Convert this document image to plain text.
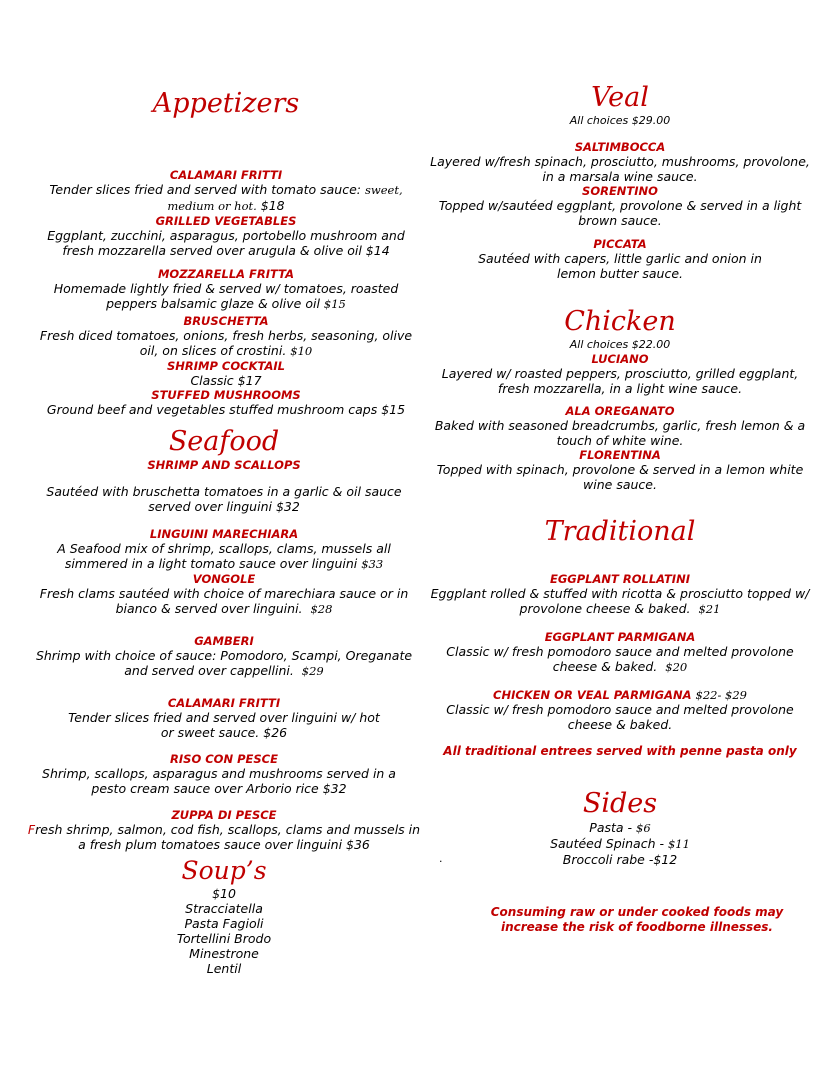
Appetizers
CALAMARI FRITTI
Tender slices fried and served with tomato sauce: sweet, medium or hot. $18
GRILLED VEGETABLES
Eggplant, zucchini, asparagus, portobello mushroom and fresh mozzarella served over arugula & olive oil $14
MOZZARELLA FRITTA
Homemade lightly fried & served w/ tomatoes, roasted peppers balsamic glaze & olive oil $15
BRUSCHETTA
Fresh diced tomatoes, onions, fresh herbs, seasoning, olive oil, on slices of crostini. $10
SHRIMP COCKTAIL
Classic $17
STUFFED MUSHROOMS
Ground beef and vegetables stuffed mushroom caps $15
Seafood
SHRIMP AND SCALLOPS
Sautéed with bruschetta tomatoes in a garlic & oil sauce served over linguini $32
LINGUINI MARECHIARA
A Seafood mix of shrimp, scallops, clams, mussels all simmered in a light tomato sauce over linguini $33
VONGOLE
Fresh clams sautéed with choice of marechiara sauce or in bianco & served over linguini. $28
GAMBERI
Shrimp with choice of sauce: Pomodoro, Scampi, Oreganate and served over cappellini. $29
CALAMARI FRITTI
Tender slices fried and served over linguini w/ hot or sweet sauce. $26
RISO CON PESCE
Shrimp, scallops, asparagus and mushrooms served in a pesto cream sauce over Arborio rice $32
ZUPPA DI PESCE
Fresh shrimp, salmon, cod fish, scallops, clams and mussels in a fresh plum tomatoes sauce over linguini $36
Soup’s
$10
Stracciatella
Pasta Fagioli
Tortellini Brodo
Minestrone
Lentil
Veal
All choices $29.00
SALTIMBOCCA
Layered w/fresh spinach, prosciutto, mushrooms, provolone, in a marsala wine sauce.
SORENTINO
Topped w/sautéed eggplant, provolone & served in a light brown sauce.
PICCATA
Sautéed with capers, little garlic and onion in lemon butter sauce.
Chicken
All choices $22.00
LUCIANO
Layered w/ roasted peppers, prosciutto, grilled eggplant, fresh mozzarella, in a light wine sauce.
ALA OREGANATO
Baked with seasoned breadcrumbs, garlic, fresh lemon & a touch of white wine.
FLORENTINA
Topped with spinach, provolone & served in a lemon white wine sauce.
Traditional
EGGPLANT ROLLATINI
Eggplant rolled & stuffed with ricotta & prosciutto topped w/ provolone cheese & baked. $21
EGGPLANT PARMIGANA
Classic w/ fresh pomodoro sauce and melted provolone cheese & baked. $20
CHICKEN OR VEAL PARMIGANA $22- $29
Classic w/ fresh pomodoro sauce and melted provolone cheese & baked.
All traditional entrees served with penne pasta only
Sides
Pasta - $6
Sautéed Spinach - $11
Broccoli rabe -$12
.
Consuming raw or under cooked foods may increase the risk of foodborne illnesses.
